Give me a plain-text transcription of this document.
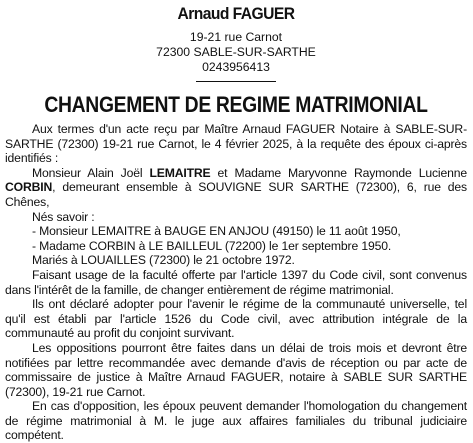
Arnaud FAGUER
19-21 rue Carnot
72300 SABLE-SUR-SARTHE
0243956413
CHANGEMENT DE REGIME MATRIMONIAL

Aux termes d'un acte reçu par Maître Arnaud FAGUER Notaire à SABLE-SUR-SARTHE (72300) 19-21 rue Carnot, le 4 février 2025, à la requête des époux ci-après identifiés :

Monsieur Alain Joël LEMAITRE et Madame Maryvonne Raymonde Lucienne CORBIN, demeurant ensemble à SOUVIGNE SUR SARTHE (72300), 6, rue des Chênes,

Nés savoir :

- Monsieur LEMAITRE à BAUGE EN ANJOU (49150) le 11 août 1950,

- Madame CORBIN à LE BAILLEUL (72200) le 1er septembre 1950.

Mariés à LOUAILLES (72300) le 21 octobre 1972.

Faisant usage de la faculté offerte par l'article 1397 du Code civil, sont convenus dans l'intérêt de la famille, de changer entièrement de régime matrimonial.

Ils ont déclaré adopter pour l'avenir le régime de la communauté universelle, tel qu'il est établi par l'article 1526 du Code civil, avec attribution intégrale de la communauté au profit du conjoint survivant.

Les oppositions pourront être faites dans un délai de trois mois et devront être notifiées par lettre recommandée avec demande d'avis de réception ou par acte de commissaire de justice à Maître Arnaud FAGUER, notaire à SABLE SUR SARTHE (72300), 19-21 rue Carnot.

En cas d'opposition, les époux peuvent demander l'homologation du changement de régime matrimonial à M. le juge aux affaires familiales du tribunal judiciaire compétent.
